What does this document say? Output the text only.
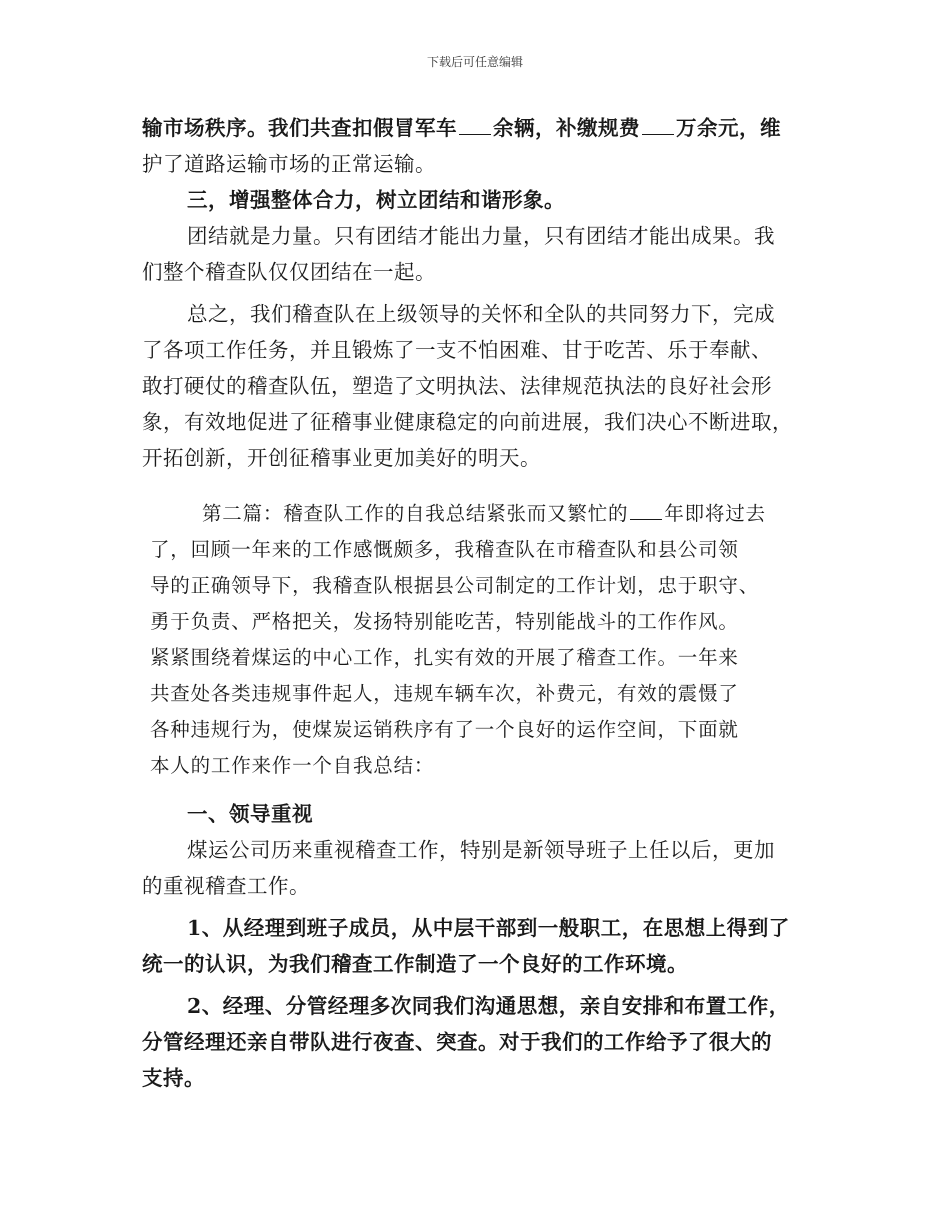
下载后可任意编辑
输市场秩序。我们共查扣假冒军车 余辆，补缴规费 万余元，维
护了道路运输市场的正常运输。
三，增强整体合力，树立团结和谐形象。
团结就是力量。只有团结才能出力量，只有团结才能出成果。我
们整个稽查队仅仅团结在一起。
总之，我们稽查队在上级领导的关怀和全队的共同努力下，完成
了各项工作任务，并且锻炼了一支不怕困难、甘于吃苦、乐于奉献、
敢打硬仗的稽查队伍，塑造了文明执法、法律规范执法的良好社会形
象，有效地促进了征稽事业健康稳定的向前进展，我们决心不断进取，
开拓创新，开创征稽事业更加美好的明天。
第二篇：稽查队工作的自我总结紧张而又繁忙的 年即将过去
了，回顾一年来的工作感慨颇多，我稽查队在市稽查队和县公司领
导的正确领导下，我稽查队根据县公司制定的工作计划，忠于职守、
勇于负责、严格把关，发扬特别能吃苦，特别能战斗的工作作风。
紧紧围绕着煤运的中心工作，扎实有效的开展了稽查工作。一年来
共查处各类违规事件起人，违规车辆车次，补费元，有效的震慑了
各种违规行为，使煤炭运销秩序有了一个良好的运作空间，下面就
本人的工作来作一个自我总结：
一、领导重视
煤运公司历来重视稽查工作，特别是新领导班子上任以后，更加
的重视稽查工作。
1、从经理到班子成员，从中层干部到一般职工，在思想上得到了
统一的认识，为我们稽查工作制造了一个良好的工作环境。
2、经理、分管经理多次同我们沟通思想，亲自安排和布置工作，
分管经理还亲自带队进行夜查、突查。对于我们的工作给予了很大的
支持。
